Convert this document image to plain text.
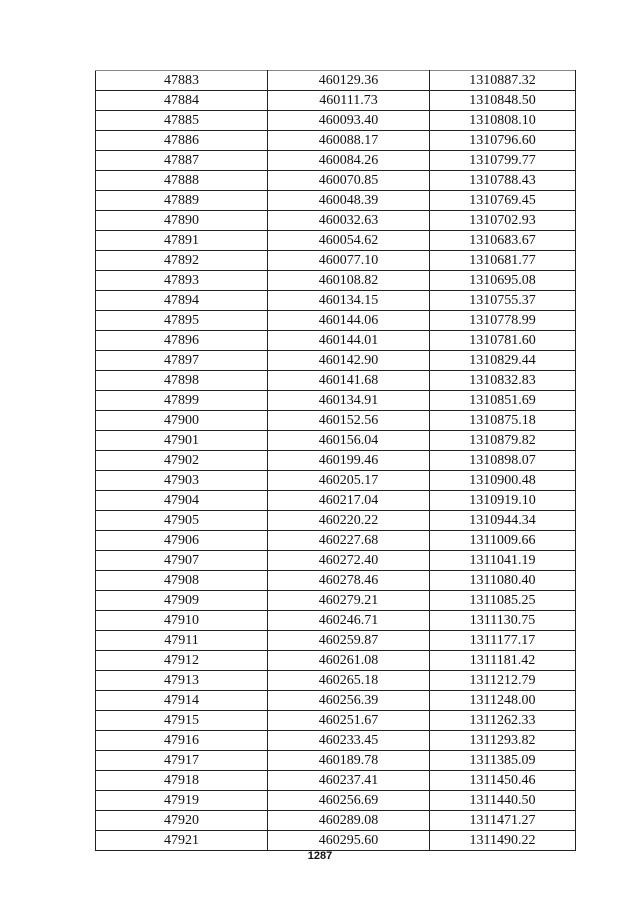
47883	460129.36	1310887.32
47884	460111.73	1310848.50
47885	460093.40	1310808.10
47886	460088.17	1310796.60
47887	460084.26	1310799.77
47888	460070.85	1310788.43
47889	460048.39	1310769.45
47890	460032.63	1310702.93
47891	460054.62	1310683.67
47892	460077.10	1310681.77
47893	460108.82	1310695.08
47894	460134.15	1310755.37
47895	460144.06	1310778.99
47896	460144.01	1310781.60
47897	460142.90	1310829.44
47898	460141.68	1310832.83
47899	460134.91	1310851.69
47900	460152.56	1310875.18
47901	460156.04	1310879.82
47902	460199.46	1310898.07
47903	460205.17	1310900.48
47904	460217.04	1310919.10
47905	460220.22	1310944.34
47906	460227.68	1311009.66
47907	460272.40	1311041.19
47908	460278.46	1311080.40
47909	460279.21	1311085.25
47910	460246.71	1311130.75
47911	460259.87	1311177.17
47912	460261.08	1311181.42
47913	460265.18	1311212.79
47914	460256.39	1311248.00
47915	460251.67	1311262.33
47916	460233.45	1311293.82
47917	460189.78	1311385.09
47918	460237.41	1311450.46
47919	460256.69	1311440.50
47920	460289.08	1311471.27
47921	460295.60	1311490.22
1287
